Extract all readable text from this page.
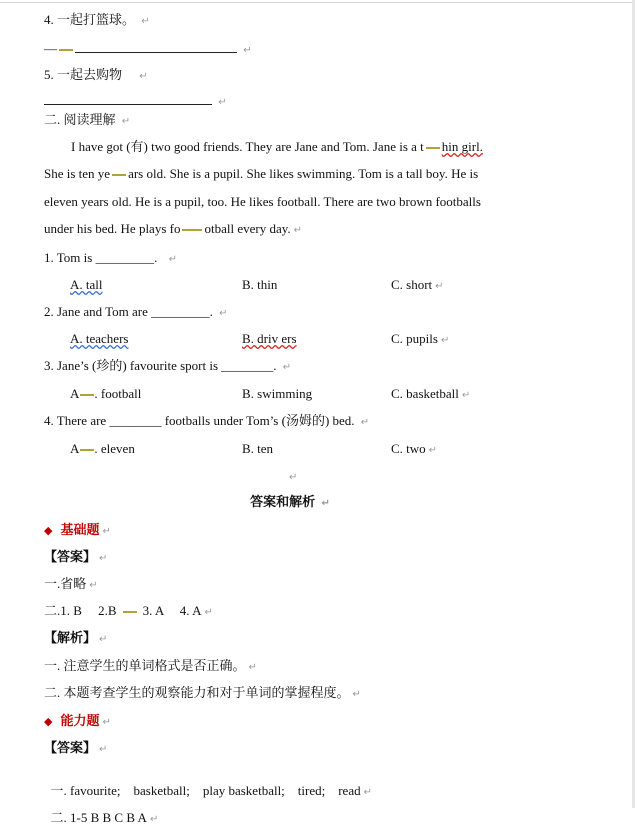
4. 一起打篮球。 ↵
—	↵
5. 一起去购物 ↵
↵
二. 阅读理解 ↵
I have got (有) two good friends. They are Jane and Tom. Jane is a t hin girl.
She is ten ye ars old. She is a pupil. She likes swimming. Tom is a tall boy. He is
eleven years old. He is a pupil, too. He likes football. There are two brown footballs
under his bed. He plays fo otball every day. ↵
1. Tom is _________. ↵
A. tall	B. thin	C. short ↵
2. Jane and Tom are _________. ↵
A. teachers	B. driv ers	C. pupils ↵
3. Jane’s (珍的) favourite sport is ________. ↵
A . football	B. swimming	C. basketball ↵
4. There are ________ footballs under Tom’s (汤姆的) bed. ↵
A . eleven	B. ten	C. two ↵
↵
答案和解析 ↵
◆ 基础题 ↵
【答案】 ↵
一.省略 ↵
二.1. B     2.B 3. A     4. A ↵
【解析】 ↵
一. 注意学生的单词格式是否正确。 ↵
二. 本题考查学生的观察能力和对于单词的掌握程度。 ↵
◆ 能力题 ↵
【答案】 ↵

一. favourite;    basketball;    play basketball;    tired;    read ↵

二. 1-5 B B C B A ↵
